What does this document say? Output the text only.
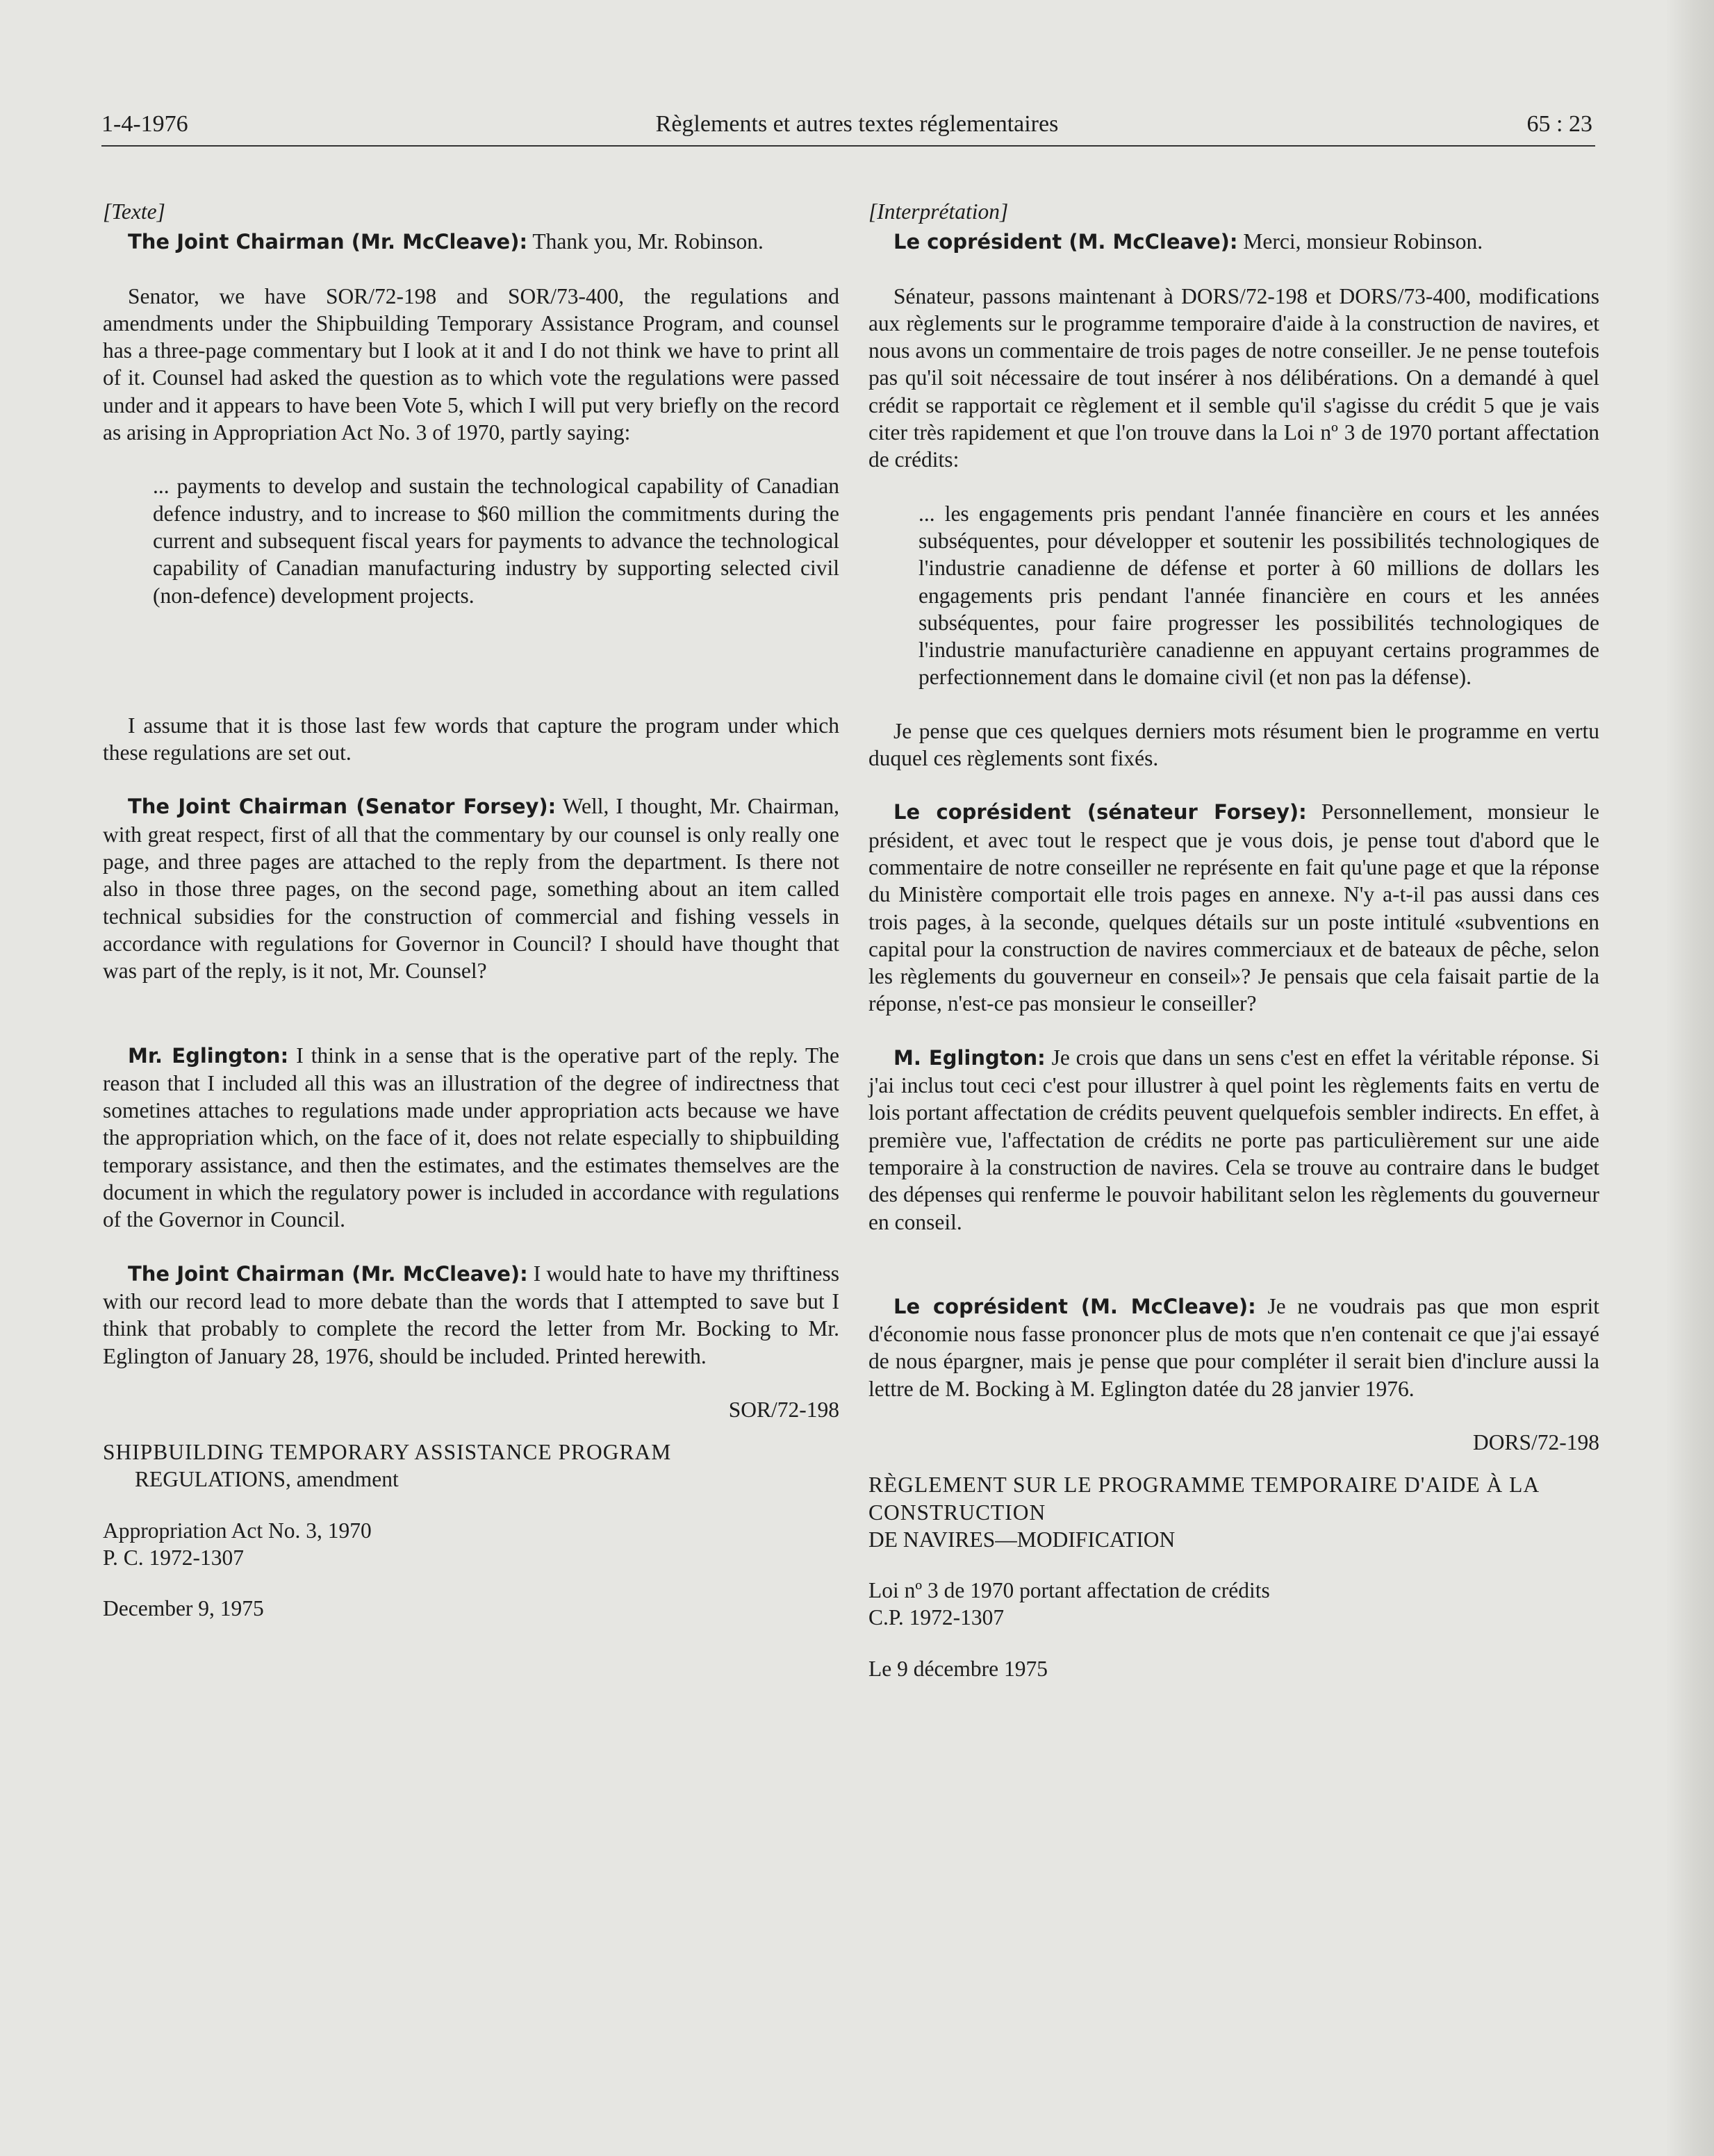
1-4-1976	Règlements et autres textes réglementaires	65 : 23

[Texte]

The Joint Chairman (Mr. McCleave): Thank you, Mr. Robinson.

Senator, we have SOR/72-198 and SOR/73-400, the regulations and amendments under the Shipbuilding Temporary Assistance Program, and counsel has a three-page commentary but I look at it and I do not think we have to print all of it. Counsel had asked the question as to which vote the regulations were passed under and it appears to have been Vote 5, which I will put very briefly on the record as arising in Appropriation Act No. 3 of 1970, partly saying:

... payments to develop and sustain the technological capability of Canadian defence industry, and to increase to $60 million the commitments during the current and subsequent fiscal years for payments to advance the technological capability of Canadian manufacturing industry by supporting selected civil (non-defence) development projects.

I assume that it is those last few words that capture the program under which these regulations are set out.

The Joint Chairman (Senator Forsey): Well, I thought, Mr. Chairman, with great respect, first of all that the commentary by our counsel is only really one page, and three pages are attached to the reply from the department. Is there not also in those three pages, on the second page, something about an item called technical subsidies for the construction of commercial and fishing vessels in accordance with regulations for Governor in Council? I should have thought that was part of the reply, is it not, Mr. Counsel?

Mr. Eglington: I think in a sense that is the operative part of the reply. The reason that I included all this was an illustration of the degree of indirectness that sometines attaches to regulations made under appropriation acts because we have the appropriation which, on the face of it, does not relate especially to shipbuilding temporary assistance, and then the estimates, and the estimates themselves are the document in which the regulatory power is included in accordance with regulations of the Governor in Council.

The Joint Chairman (Mr. McCleave): I would hate to have my thriftiness with our record lead to more debate than the words that I attempted to save but I think that probably to complete the record the letter from Mr. Bocking to Mr. Eglington of January 28, 1976, should be included. Printed herewith.

SOR/72-198

SHIPBUILDING TEMPORARY ASSISTANCE PROGRAM

REGULATIONS, amendment

Appropriation Act No. 3, 1970

P. C. 1972-1307

December 9, 1975

[Interprétation]

Le coprésident (M. McCleave): Merci, monsieur Robinson.

Sénateur, passons maintenant à DORS/72-198 et DORS/73-400, modifications aux règlements sur le programme temporaire d'aide à la construction de navires, et nous avons un commentaire de trois pages de notre conseiller. Je ne pense toutefois pas qu'il soit nécessaire de tout insérer à nos délibérations. On a demandé à quel crédit se rapportait ce règlement et il semble qu'il s'agisse du crédit 5 que je vais citer très rapidement et que l'on trouve dans la Loi nº 3 de 1970 portant affectation de crédits:

... les engagements pris pendant l'année financière en cours et les années subséquentes, pour développer et soutenir les possibilités technologiques de l'industrie canadienne de défense et porter à 60 millions de dollars les engagements pris pendant l'année financière en cours et les années subséquentes, pour faire progresser les possibilités technologiques de l'industrie manufacturière canadienne en appuyant certains programmes de perfectionnement dans le domaine civil (et non pas la défense).

Je pense que ces quelques derniers mots résument bien le programme en vertu duquel ces règlements sont fixés.

Le coprésident (sénateur Forsey): Personnellement, monsieur le président, et avec tout le respect que je vous dois, je pense tout d'abord que le commentaire de notre conseiller ne représente en fait qu'une page et que la réponse du Ministère comportait elle trois pages en annexe. N'y a-t-il pas aussi dans ces trois pages, à la seconde, quelques détails sur un poste intitulé «subventions en capital pour la construction de navires commerciaux et de bateaux de pêche, selon les règlements du gouverneur en conseil»? Je pensais que cela faisait partie de la réponse, n'est-ce pas monsieur le conseiller?

M. Eglington: Je crois que dans un sens c'est en effet la véritable réponse. Si j'ai inclus tout ceci c'est pour illustrer à quel point les règlements faits en vertu de lois portant affectation de crédits peuvent quelquefois sembler indirects. En effet, à première vue, l'affectation de crédits ne porte pas particulièrement sur une aide temporaire à la construction de navires. Cela se trouve au contraire dans le budget des dépenses qui renferme le pouvoir habilitant selon les règlements du gouverneur en conseil.

Le coprésident (M. McCleave): Je ne voudrais pas que mon esprit d'économie nous fasse prononcer plus de mots que n'en contenait ce que j'ai essayé de nous épargner, mais je pense que pour compléter il serait bien d'inclure aussi la lettre de M. Bocking à M. Eglington datée du 28 janvier 1976.

DORS/72-198

RÈGLEMENT SUR LE PROGRAMME TEMPORAIRE D'AIDE À LA CONSTRUCTION

DE NAVIRES—MODIFICATION

Loi nº 3 de 1970 portant affectation de crédits

C.P. 1972-1307

Le 9 décembre 1975
